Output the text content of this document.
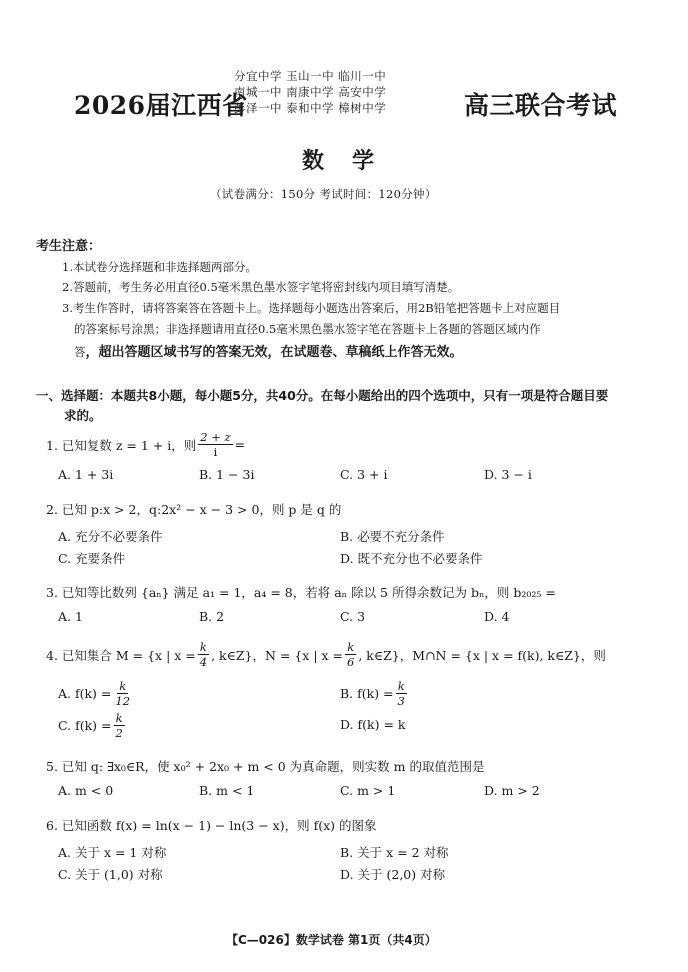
2026届江西省
分宜中学 玉山一中 临川一中
南城一中 南康中学 高安中学
彭泽一中 泰和中学 樟树中学	高三联合考试
数学
（试卷满分：150分 考试时间：120分钟）
考生注意：
1.本试卷分选择题和非选择题两部分。
2.答题前，考生务必用直径0.5毫米黑色墨水签字笔将密封线内项目填写清楚。
3.考生作答时，请将答案答在答题卡上。选择题每小题选出答案后，用2B铅笔把答题卡上对应题目
的答案标号涂黑；非选择题请用直径0.5毫米黑色墨水签字笔在答题卡上各题的答题区域内作
答，超出答题区域书写的答案无效，在试题卷、草稿纸上作答无效。
一、选择题：本题共8小题，每小题5分，共40分。在每小题给出的四个选项中，只有一项是符合题目要
求的。
1. 已知复数 z = 1 + i，则 $\frac{2 + z}{i}$ =
A. 1 + 3i	B. 1 − 3i	C. 3 + i	D. 3 − i
2. 已知 p:x > 2，q:2x² − x − 3 > 0，则 p 是 q 的
A. 充分不必要条件	B. 必要不充分条件
C. 充要条件	D. 既不充分也不必要条件
3. 已知等比数列 {aₙ} 满足 a₁ = 1，a₄ = 8，若将 aₙ 除以 5 所得余数记为 bₙ，则 b₂₀₂₅ =
A. 1	B. 2	C. 3	D. 4
4. 已知集合 M = {x | $x = \frac{k}{4}$ , k∈Z}，N = {x | $x = \frac{k}{6}$ , k∈Z}，M∩N = {x | x = f(k), k∈Z}，则
A. $f(k) = \frac{k}{12}$	B. $f(k) = \frac{k}{3}$
C. $f(k) = \frac{k}{2}$	D. f(k) = k
5. 已知 q: ∃x₀∈R，使 x₀² + 2x₀ + m < 0 为真命题，则实数 m 的取值范围是
A. m < 0	B. m < 1	C. m > 1	D. m > 2
6. 已知函数 f(x) = ln(x − 1) − ln(3 − x)，则 f(x) 的图象
A. 关于 x = 1 对称	B. 关于 x = 2 对称
C. 关于 (1,0) 对称	D. 关于 (2,0) 对称
【C—026】数学试卷 第1页（共4页）
